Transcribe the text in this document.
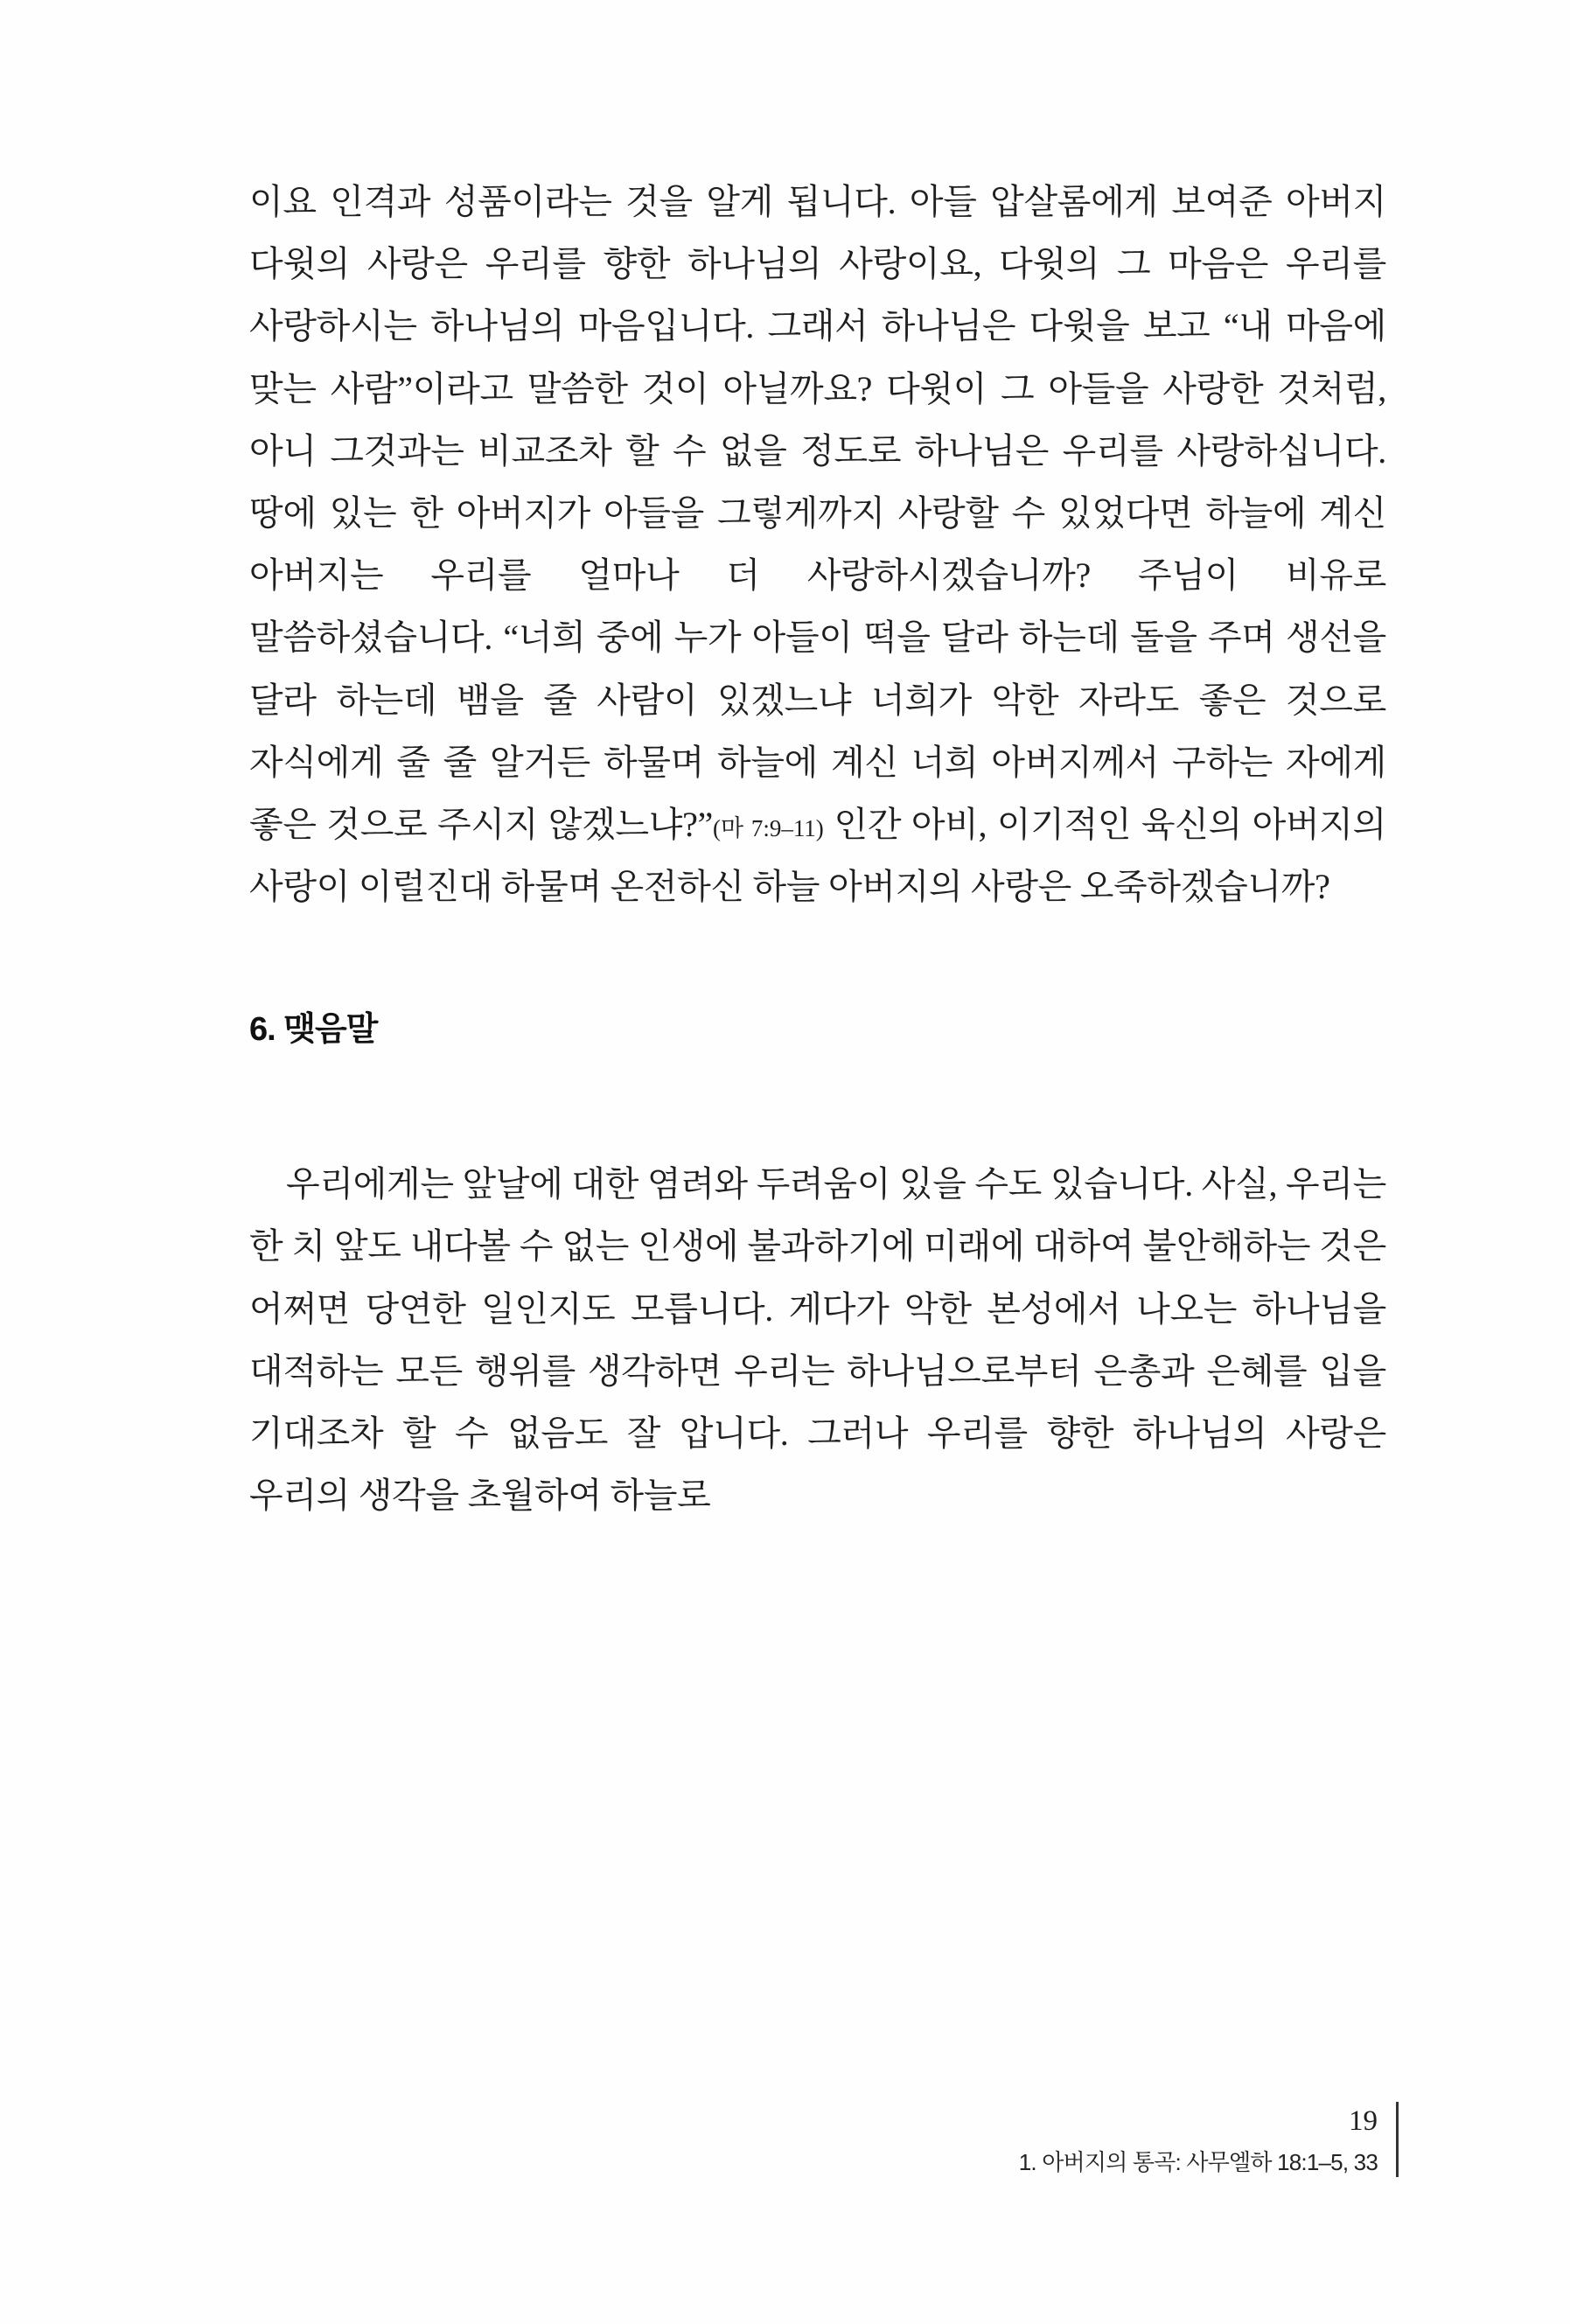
이요 인격과 성품이라는 것을 알게 됩니다. 아들 압살롬에게 보여준 아버지 다윗의 사랑은 우리를 향한 하나님의 사랑이요, 다윗의 그 마음은 우리를 사랑하시는 하나님의 마음입니다. 그래서 하나님은 다윗을 보고 “내 마음에 맞는 사람”이라고 말씀한 것이 아닐까요? 다윗이 그 아들을 사랑한 것처럼, 아니 그것과는 비교조차 할 수 없을 정도로 하나님은 우리를 사랑하십니다. 땅에 있는 한 아버지가 아들을 그렇게까지 사랑할 수 있었다면 하늘에 계신 아버지는 우리를 얼마나 더 사랑하시겠습니까? 주님이 비유로 말씀하셨습니다. “너희 중에 누가 아들이 떡을 달라 하는데 돌을 주며 생선을 달라 하는데 뱀을 줄 사람이 있겠느냐 너희가 악한 자라도 좋은 것으로 자식에게 줄 줄 알거든 하물며 하늘에 계신 너희 아버지께서 구하는 자에게 좋은 것으로 주시지 않겠느냐?”(마 7:9–11) 인간 아비, 이기적인 육신의 아버지의 사랑이 이럴진대 하물며 온전하신 하늘 아버지의 사랑은 오죽하겠습니까?

6. 맺음말

우리에게는 앞날에 대한 염려와 두려움이 있을 수도 있습니다. 사실, 우리는 한 치 앞도 내다볼 수 없는 인생에 불과하기에 미래에 대하여 불안해하는 것은 어쩌면 당연한 일인지도 모릅니다. 게다가 악한 본성에서 나오는 하나님을 대적하는 모든 행위를 생각하면 우리는 하나님으로부터 은총과 은혜를 입을 기대조차 할 수 없음도 잘 압니다. 그러나 우리를 향한 하나님의 사랑은 우리의 생각을 초월하여 하늘로

19

1. 아버지의 통곡: 사무엘하 18:1–5, 33
